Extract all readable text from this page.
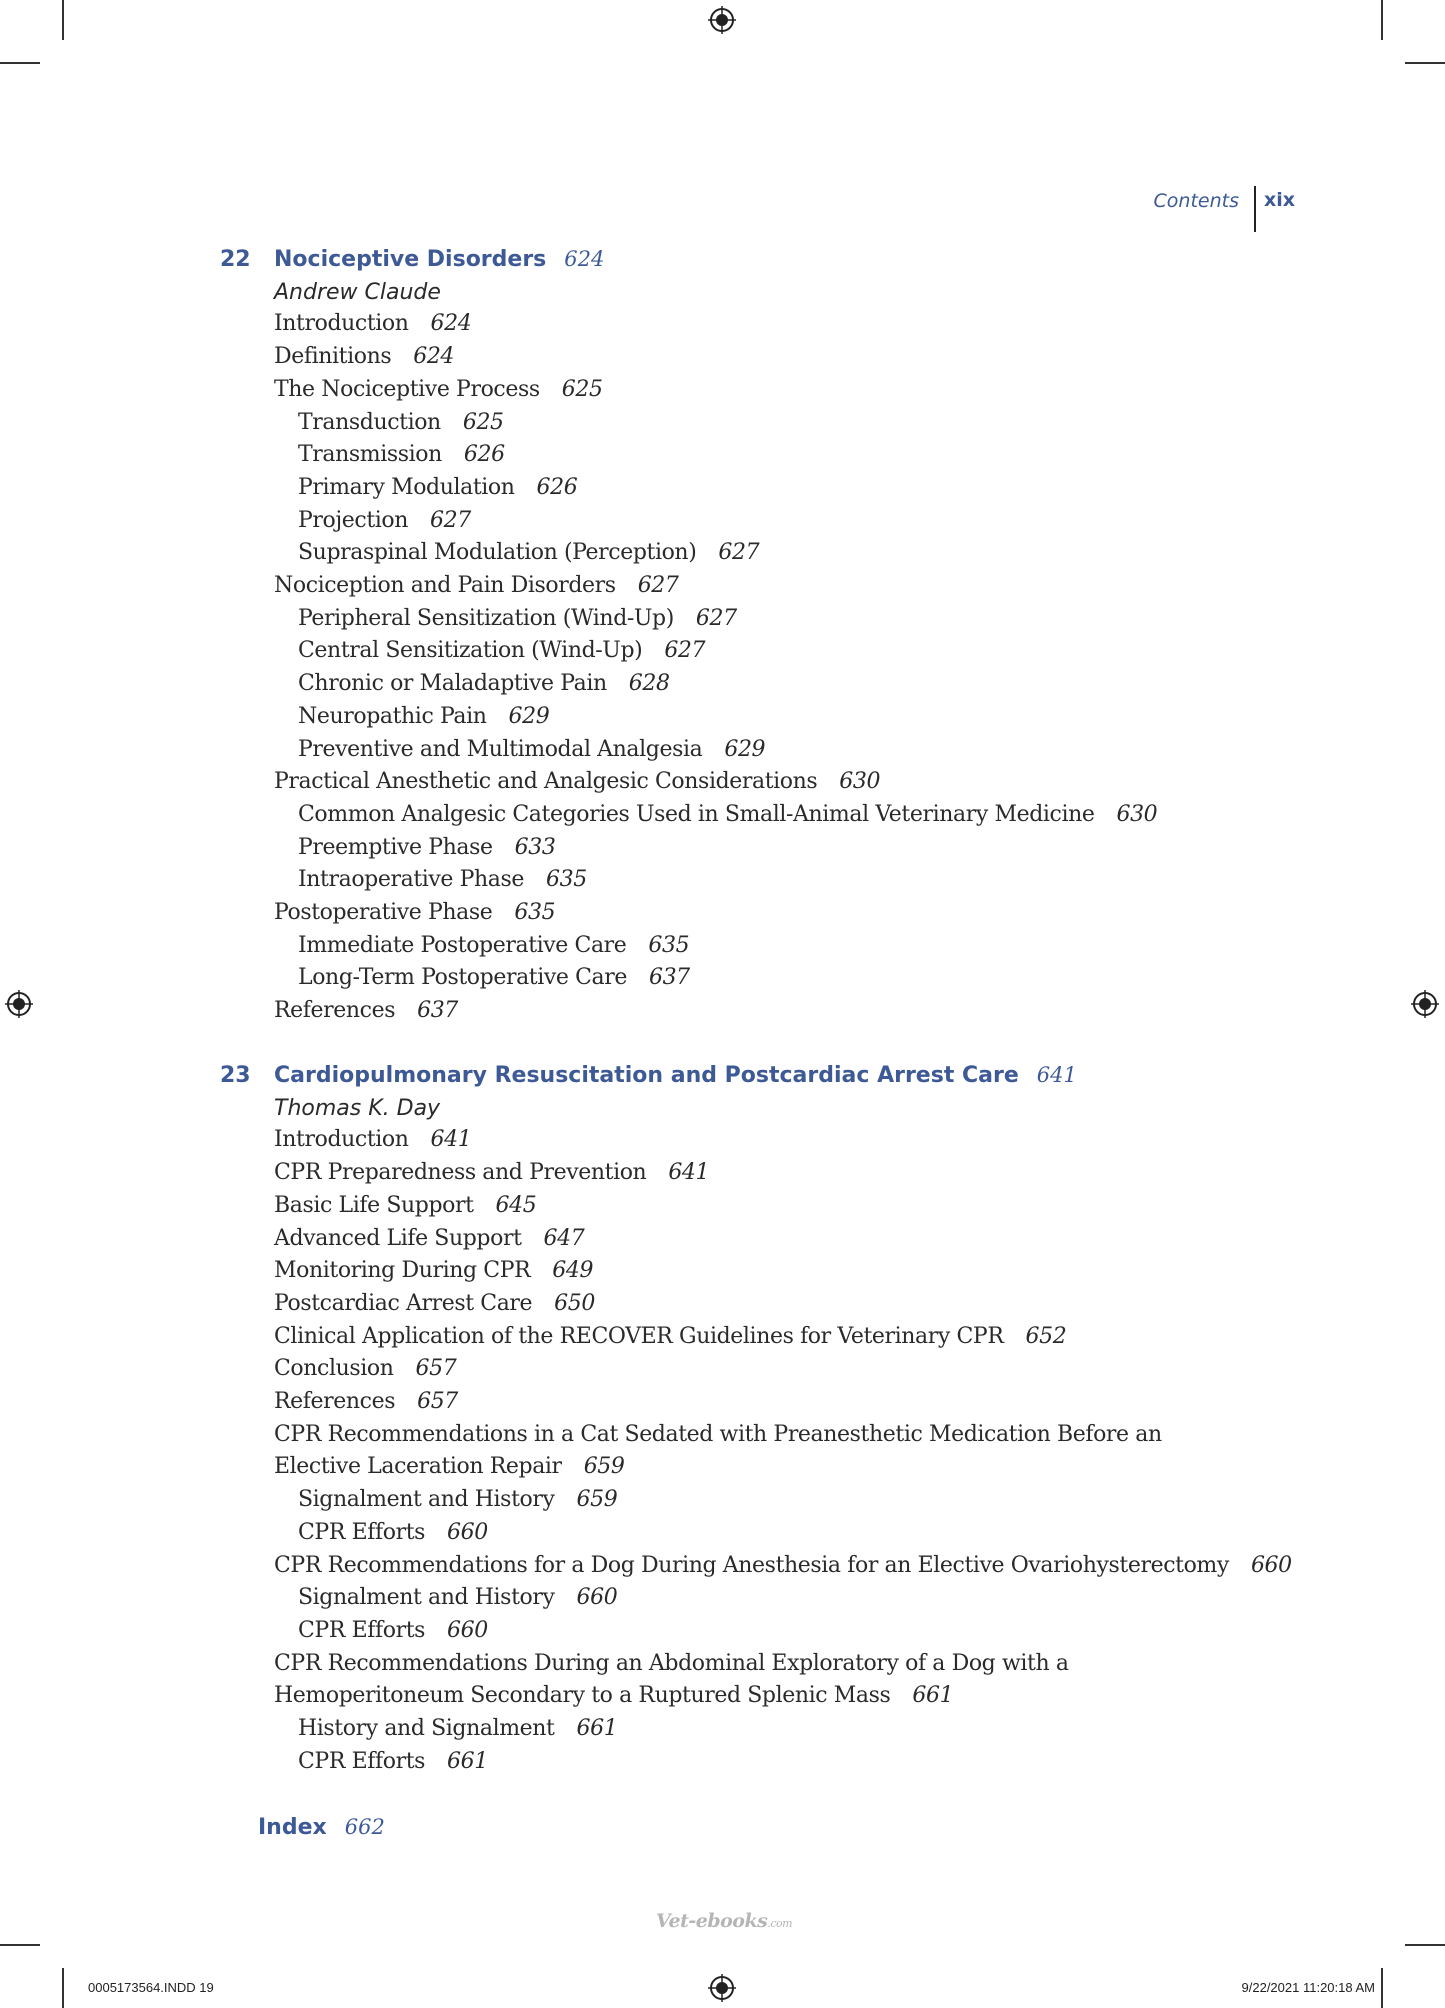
Contents xix
22 Nociceptive Disorders 624
Andrew Claude
Introduction 624
Definitions 624
The Nociceptive Process 625
Transduction 625
Transmission 626
Primary Modulation 626
Projection 627
Supraspinal Modulation (Perception) 627
Nociception and Pain Disorders 627
Peripheral Sensitization (Wind-Up) 627
Central Sensitization (Wind-Up) 627
Chronic or Maladaptive Pain 628
Neuropathic Pain 629
Preventive and Multimodal Analgesia 629
Practical Anesthetic and Analgesic Considerations 630
Common Analgesic Categories Used in Small-Animal Veterinary Medicine 630
Preemptive Phase 633
Intraoperative Phase 635
Postoperative Phase 635
Immediate Postoperative Care 635
Long-Term Postoperative Care 637
References 637
23 Cardiopulmonary Resuscitation and Postcardiac Arrest Care 641
Thomas K. Day
Introduction 641
CPR Preparedness and Prevention 641
Basic Life Support 645
Advanced Life Support 647
Monitoring During CPR 649
Postcardiac Arrest Care 650
Clinical Application of the RECOVER Guidelines for Veterinary CPR 652
Conclusion 657
References 657
CPR Recommendations in a Cat Sedated with Preanesthetic Medication Before an
Elective Laceration Repair 659
Signalment and History 659
CPR Efforts 660
CPR Recommendations for a Dog During Anesthesia for an Elective Ovariohysterectomy 660
Signalment and History 660
CPR Efforts 660
CPR Recommendations During an Abdominal Exploratory of a Dog with a
Hemoperitoneum Secondary to a Ruptured Splenic Mass 661
History and Signalment 661
CPR Efforts 661
Index 662
Vet-ebooks.com
0005173564.INDD 19	9/22/2021 11:20:18 AM
